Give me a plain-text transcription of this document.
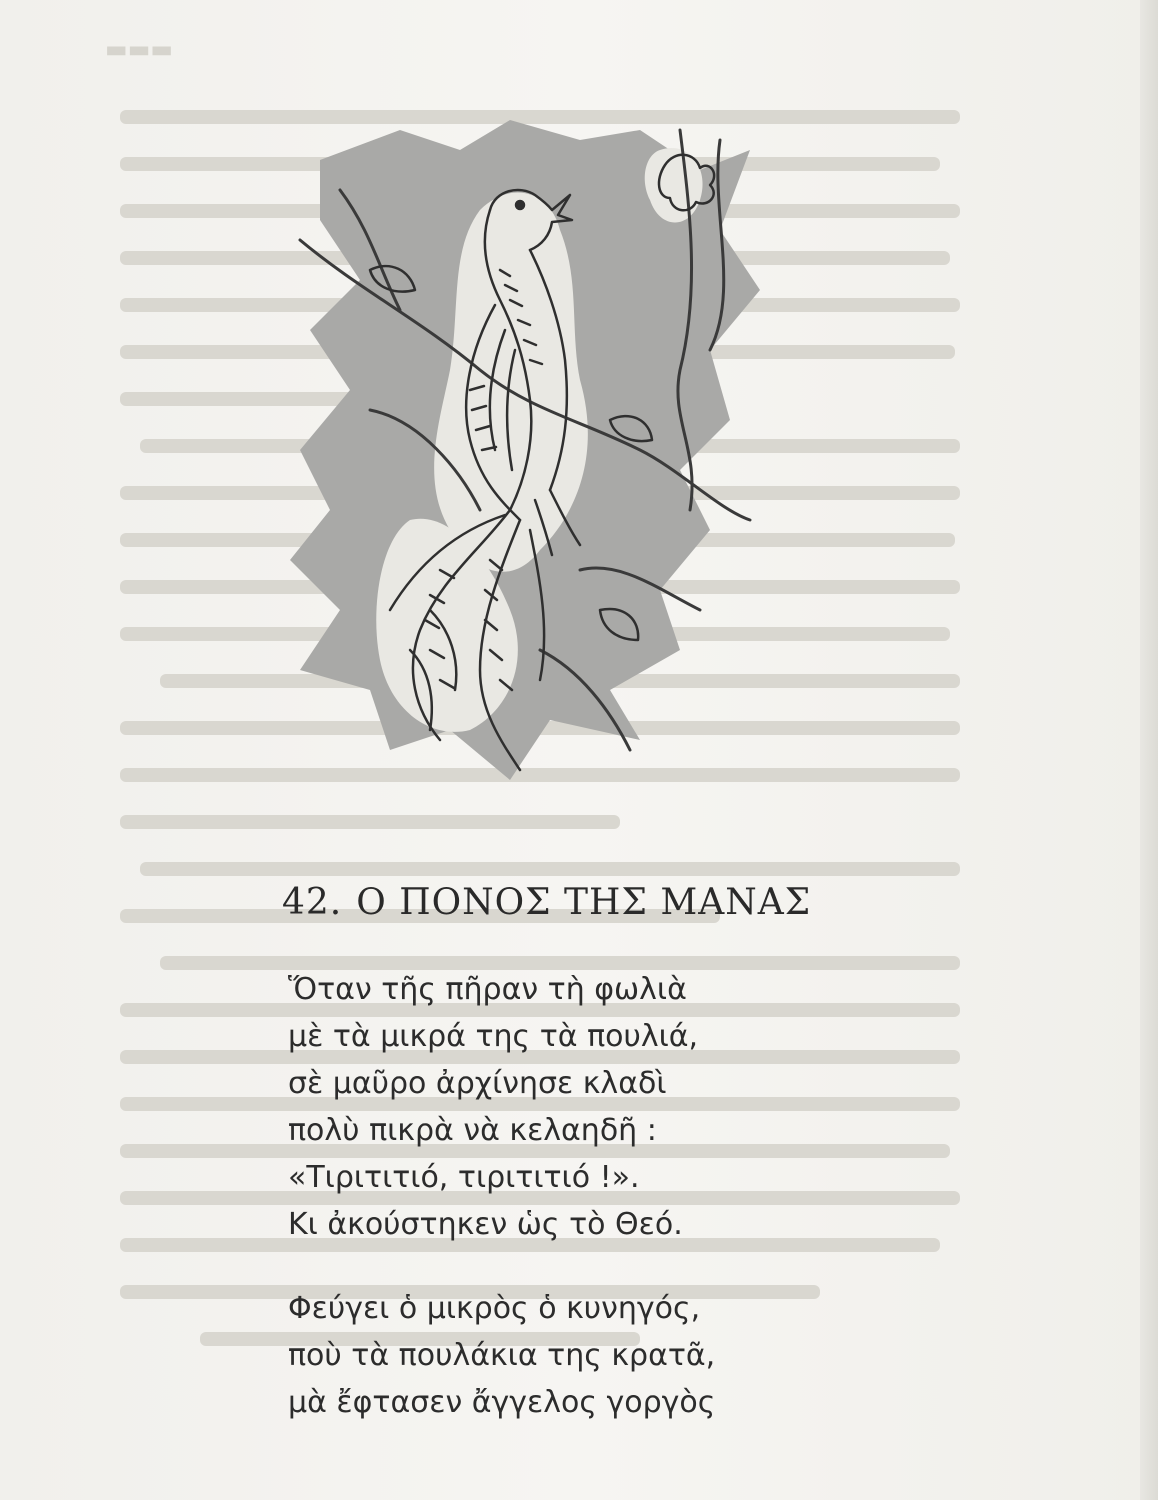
▬▬▬
42. Ο ΠΟΝΟΣ ΤΗΣ ΜΑΝΑΣ
Ὅταν τῆς πῆραν τὴ φωλιὰ
μὲ τὰ μικρά της τὰ πουλιά,
σὲ μαῦρο ἀρχίνησε κλαδὶ
πολὺ πικρὰ νὰ κελαηδῆ :
«Τιριτιτιό, τιριτιτιό !».
Κι ἀκούστηκεν ὡς τὸ Θεό.
Φεύγει ὁ μικρὸς ὁ κυνηγός,
ποὺ τὰ πουλάκια της κρατᾶ,
μὰ ἔφτασεν ἄγγελος γοργὸς
